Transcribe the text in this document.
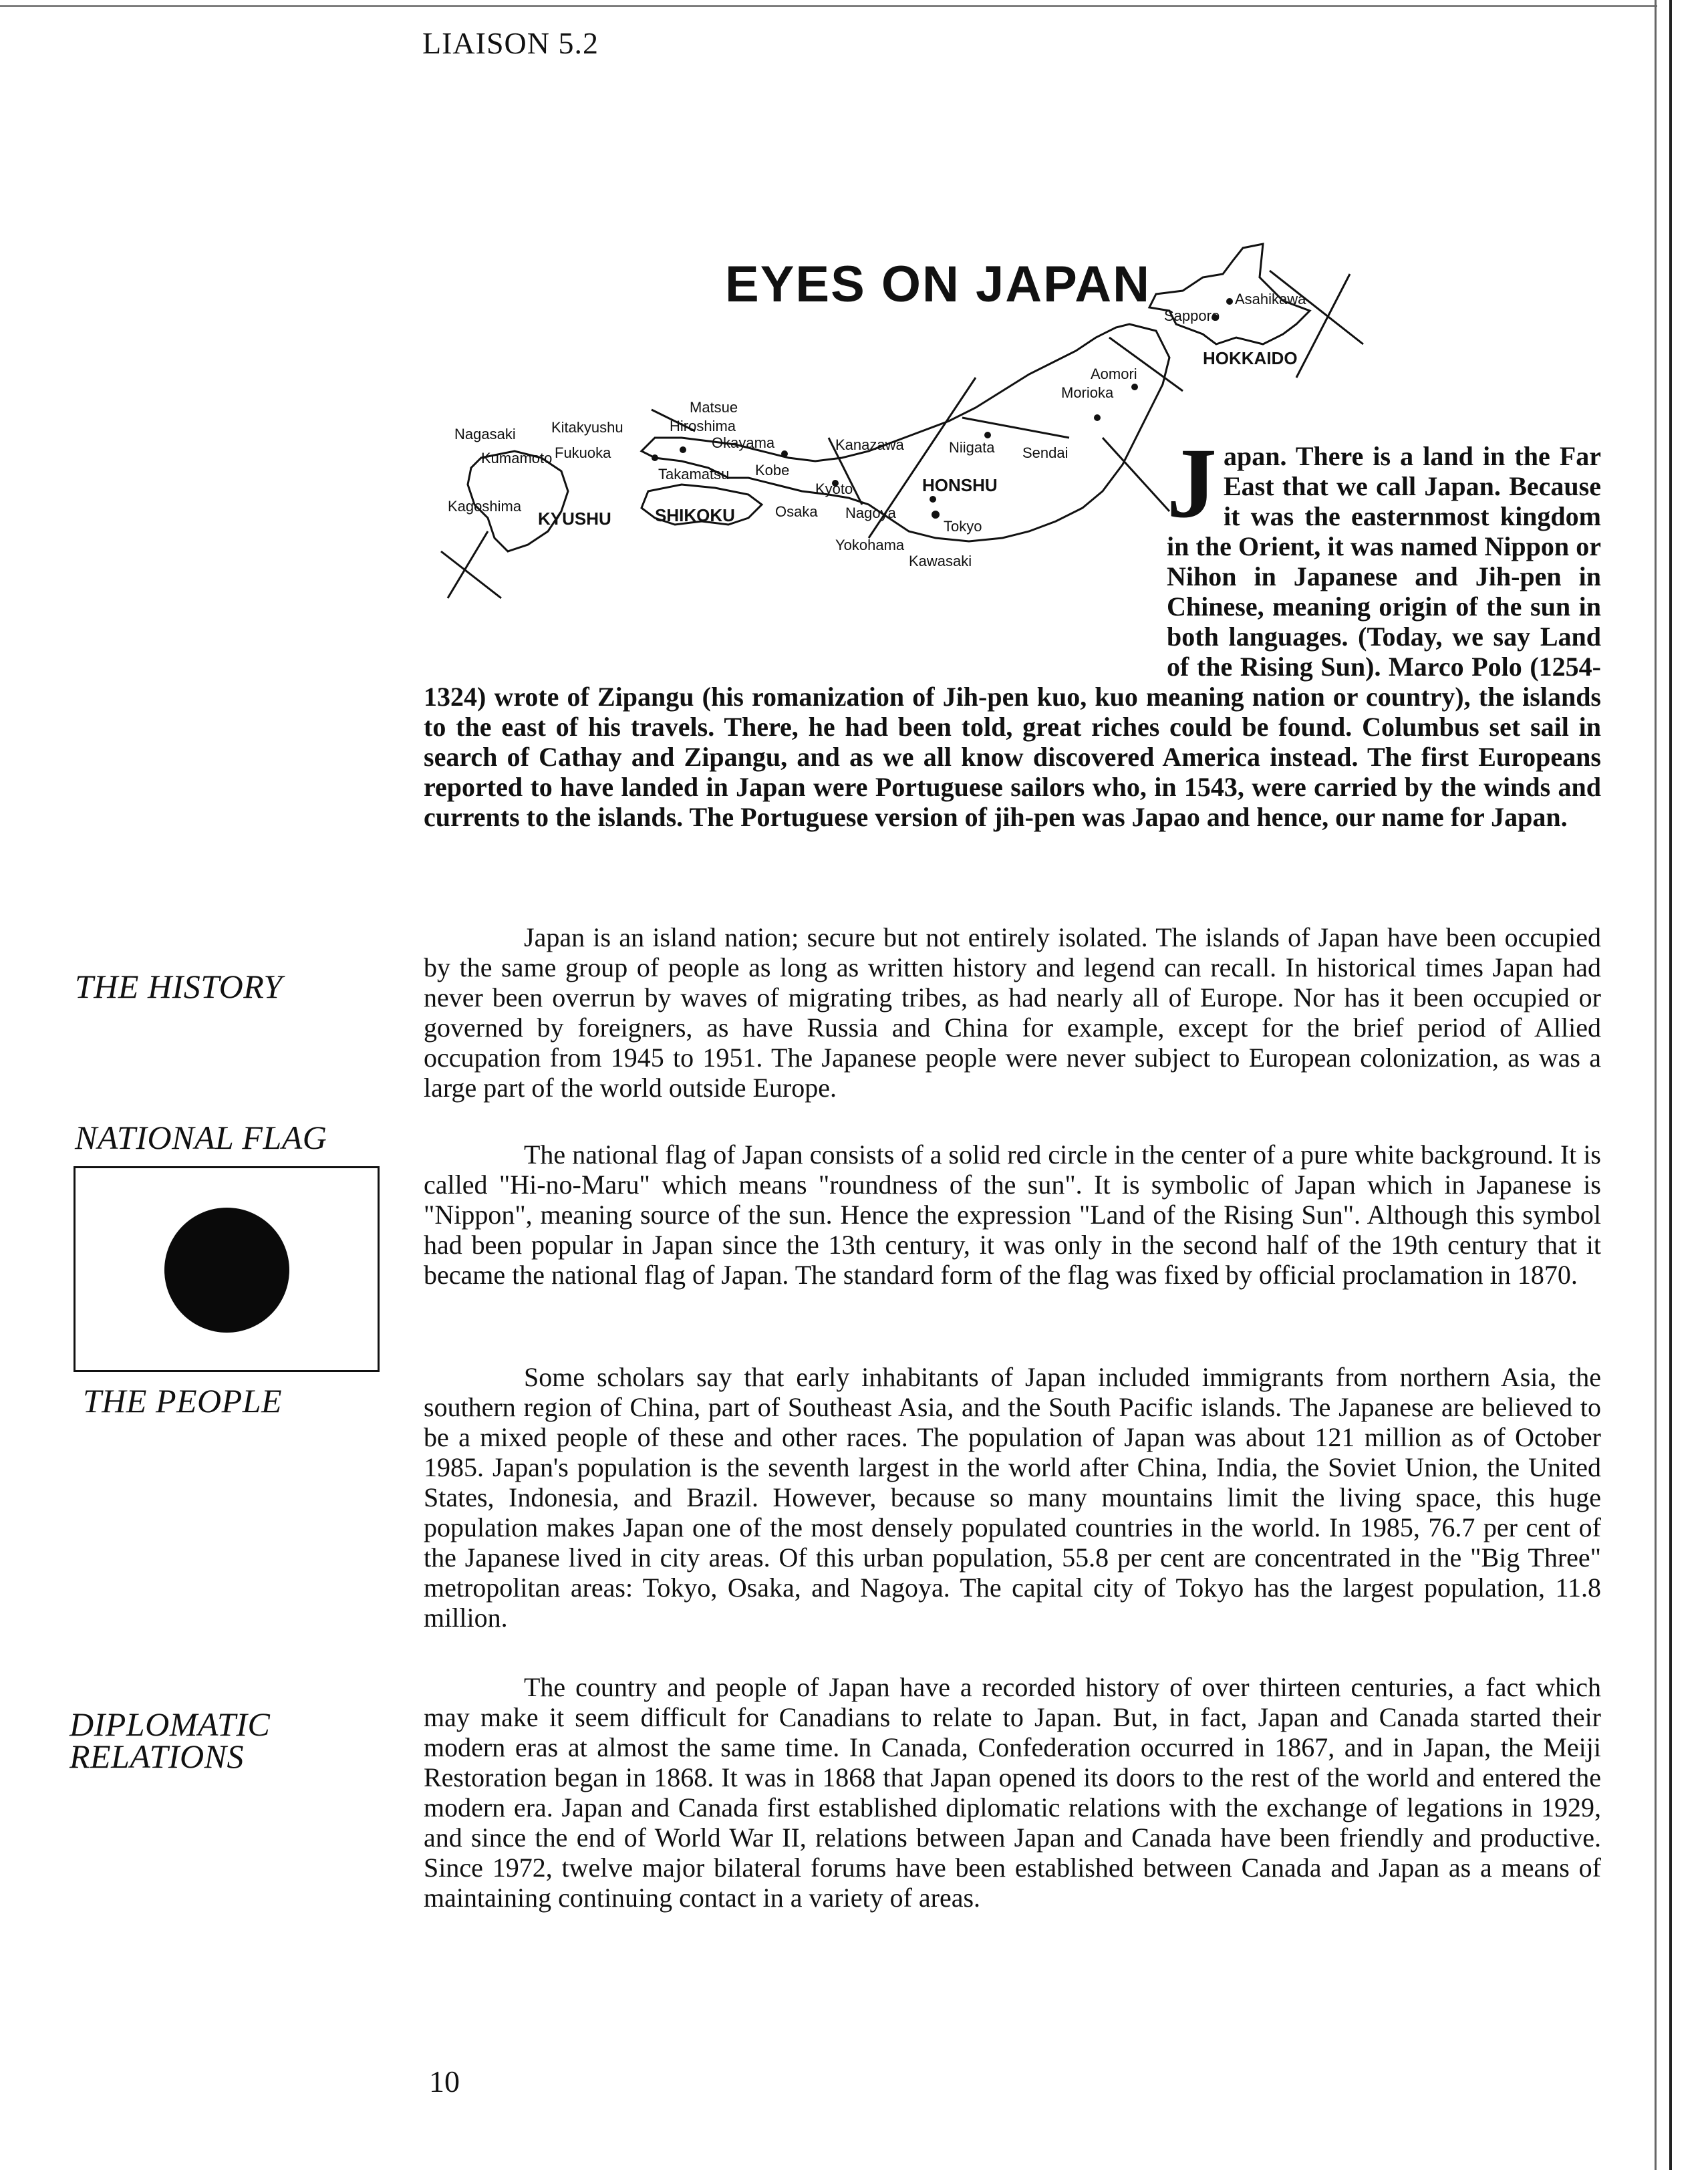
LIAISON 5.2
EYES ON JAPAN	Asahikawa
Sapporo
Aomori
Morioka
Sendai
Niigata
Kanazawa
Matsue
Hiroshima
Okayama
Kitakyushu
Fukuoka
Nagasaki
Kumamoto
Kagoshima
Takamatsu Kobe
Kyoto
Osaka Nagoya
Tokyo
Yokohama
Kawasaki
HOKKAIDO
HONSHU
SHIKOKU
KYUSHU	Japan. There is a land in the Far East that we call Japan. Because it was the easternmost kingdom in the Orient, it was named Nippon or Nihon in Japanese and Jih-pen in Chinese, meaning origin of the sun in both languages. (Today, we say Land of the Rising Sun). Marco Polo (1254-1324) wrote of Zipangu (his romanization of Jih-pen kuo, kuo meaning nation or country), the islands to the east of his travels. There, he had been told, great riches could be found. Columbus set sail in search of Cathay and Zipangu, and as we all know discovered America instead. The first Europeans reported to have landed in Japan were Portuguese sailors who, in 1543, were carried by the winds and currents to the islands. The Portuguese version of jih-pen was Japao and hence, our name for Japan.
THE HISTORY
Japan is an island nation; secure but not entirely isolated. The islands of Japan have been occupied by the same group of people as long as written history and legend can recall. In historical times Japan had never been overrun by waves of migrating tribes, as had nearly all of Europe. Nor has it been occupied or governed by foreigners, as have Russia and China for example, except for the brief period of Allied occupation from 1945 to 1951. The Japanese people were never subject to European colonization, as was a large part of the world outside Europe.
NATIONAL FLAG	The national flag of Japan consists of a solid red circle in the center of a pure white background. It is called "Hi-no-Maru" which means "roundness of the sun". It is symbolic of Japan which in Japanese is "Nippon", meaning source of the sun. Hence the expression "Land of the Rising Sun". Although this symbol had been popular in Japan since the 13th century, it was only in the second half of the 19th century that it became the national flag of Japan. The standard form of the flag was fixed by official proclamation in 1870.
THE PEOPLE
Some scholars say that early inhabitants of Japan included immigrants from northern Asia, the southern region of China, part of Southeast Asia, and the South Pacific islands. The Japanese are believed to be a mixed people of these and other races. The population of Japan was about 121 million as of October 1985. Japan's population is the seventh largest in the world after China, India, the Soviet Union, the United States, Indonesia, and Brazil. However, because so many mountains limit the living space, this huge population makes Japan one of the most densely populated countries in the world. In 1985, 76.7 per cent of the Japanese lived in city areas. Of this urban population, 55.8 per cent are concentrated in the "Big Three" metropolitan areas: Tokyo, Osaka, and Nagoya. The capital city of Tokyo has the largest population, 11.8 million.
DIPLOMATIC
RELATIONS
The country and people of Japan have a recorded history of over thirteen centuries, a fact which may make it seem difficult for Canadians to relate to Japan. But, in fact, Japan and Canada started their modern eras at almost the same time. In Canada, Confederation occurred in 1867, and in Japan, the Meiji Restoration began in 1868. It was in 1868 that Japan opened its doors to the rest of the world and entered the modern era. Japan and Canada first established diplomatic relations with the exchange of legations in 1929, and since the end of World War II, relations between Japan and Canada have been friendly and productive. Since 1972, twelve major bilateral forums have been established between Canada and Japan as a means of maintaining continuing contact in a variety of areas.
10
